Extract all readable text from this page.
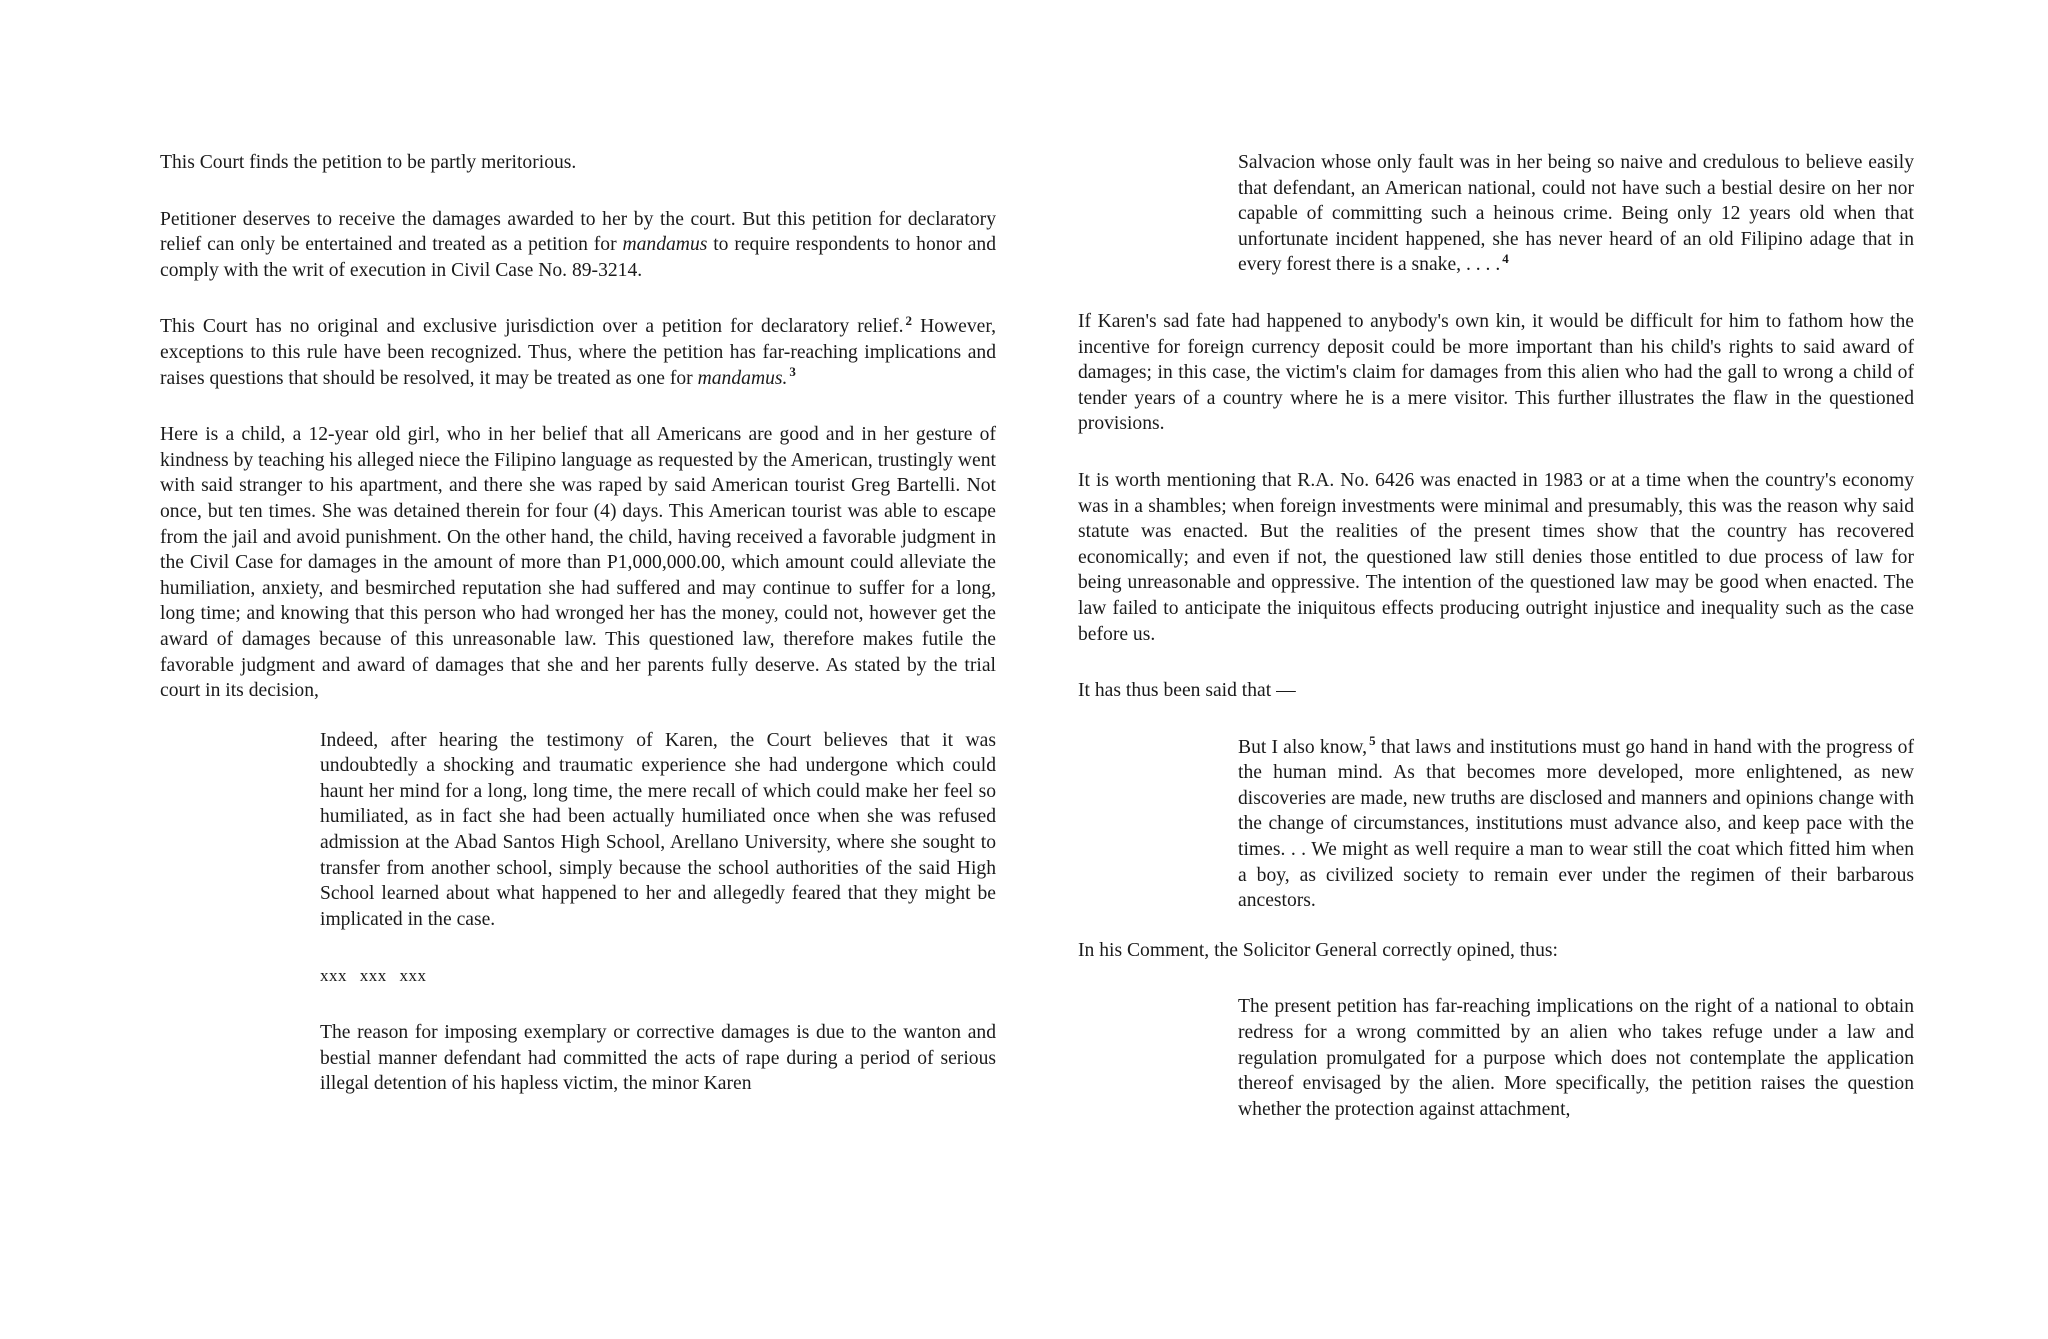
This Court finds the petition to be partly meritorious.

Petitioner deserves to receive the damages awarded to her by the court. But this petition for declaratory relief can only be entertained and treated as a petition for mandamus to require respondents to honor and comply with the writ of execution in Civil Case No. 89-3214.

This Court has no original and exclusive jurisdiction over a petition for declaratory relief. $^2$ However, exceptions to this rule have been recognized. Thus, where the petition has far-reaching implications and raises questions that should be resolved, it may be treated as one for mandamus. $^3$

Here is a child, a 12-year old girl, who in her belief that all Americans are good and in her gesture of kindness by teaching his alleged niece the Filipino language as requested by the American, trustingly went with said stranger to his apartment, and there she was raped by said American tourist Greg Bartelli. Not once, but ten times. She was detained therein for four (4) days. This American tourist was able to escape from the jail and avoid punishment. On the other hand, the child, having received a favorable judgment in the Civil Case for damages in the amount of more than P1,000,000.00, which amount could alleviate the humiliation, anxiety, and besmirched reputation she had suffered and may continue to suffer for a long, long time; and knowing that this person who had wronged her has the money, could not, however get the award of damages because of this unreasonable law. This questioned law, therefore makes futile the favorable judgment and award of damages that she and her parents fully deserve. As stated by the trial court in its decision,

Indeed, after hearing the testimony of Karen, the Court believes that it was undoubtedly a shocking and traumatic experience she had undergone which could haunt her mind for a long, long time, the mere recall of which could make her feel so humiliated, as in fact she had been actually humiliated once when she was refused admission at the Abad Santos High School, Arellano University, where she sought to transfer from another school, simply because the school authorities of the said High School learned about what happened to her and allegedly feared that they might be implicated in the case.

xxx xxx xxx

The reason for imposing exemplary or corrective damages is due to the wanton and bestial manner defendant had committed the acts of rape during a period of serious illegal detention of his hapless victim, the minor Karen

Salvacion whose only fault was in her being so naive and credulous to believe easily that defendant, an American national, could not have such a bestial desire on her nor capable of committing such a heinous crime. Being only 12 years old when that unfortunate incident happened, she has never heard of an old Filipino adage that in every forest there is a snake, . . . . $^4$

If Karen's sad fate had happened to anybody's own kin, it would be difficult for him to fathom how the incentive for foreign currency deposit could be more important than his child's rights to said award of damages; in this case, the victim's claim for damages from this alien who had the gall to wrong a child of tender years of a country where he is a mere visitor. This further illustrates the flaw in the questioned provisions.

It is worth mentioning that R.A. No. 6426 was enacted in 1983 or at a time when the country's economy was in a shambles; when foreign investments were minimal and presumably, this was the reason why said statute was enacted. But the realities of the present times show that the country has recovered economically; and even if not, the questioned law still denies those entitled to due process of law for being unreasonable and oppressive. The intention of the questioned law may be good when enacted. The law failed to anticipate the iniquitous effects producing outright injustice and inequality such as the case before us.

It has thus been said that —

But I also know, $^5$ that laws and institutions must go hand in hand with the progress of the human mind. As that becomes more developed, more enlightened, as new discoveries are made, new truths are disclosed and manners and opinions change with the change of circumstances, institutions must advance also, and keep pace with the times. . . We might as well require a man to wear still the coat which fitted him when a boy, as civilized society to remain ever under the regimen of their barbarous ancestors.

In his Comment, the Solicitor General correctly opined, thus:

The present petition has far-reaching implications on the right of a national to obtain redress for a wrong committed by an alien who takes refuge under a law and regulation promulgated for a purpose which does not contemplate the application thereof envisaged by the alien. More specifically, the petition raises the question whether the protection against attachment,
